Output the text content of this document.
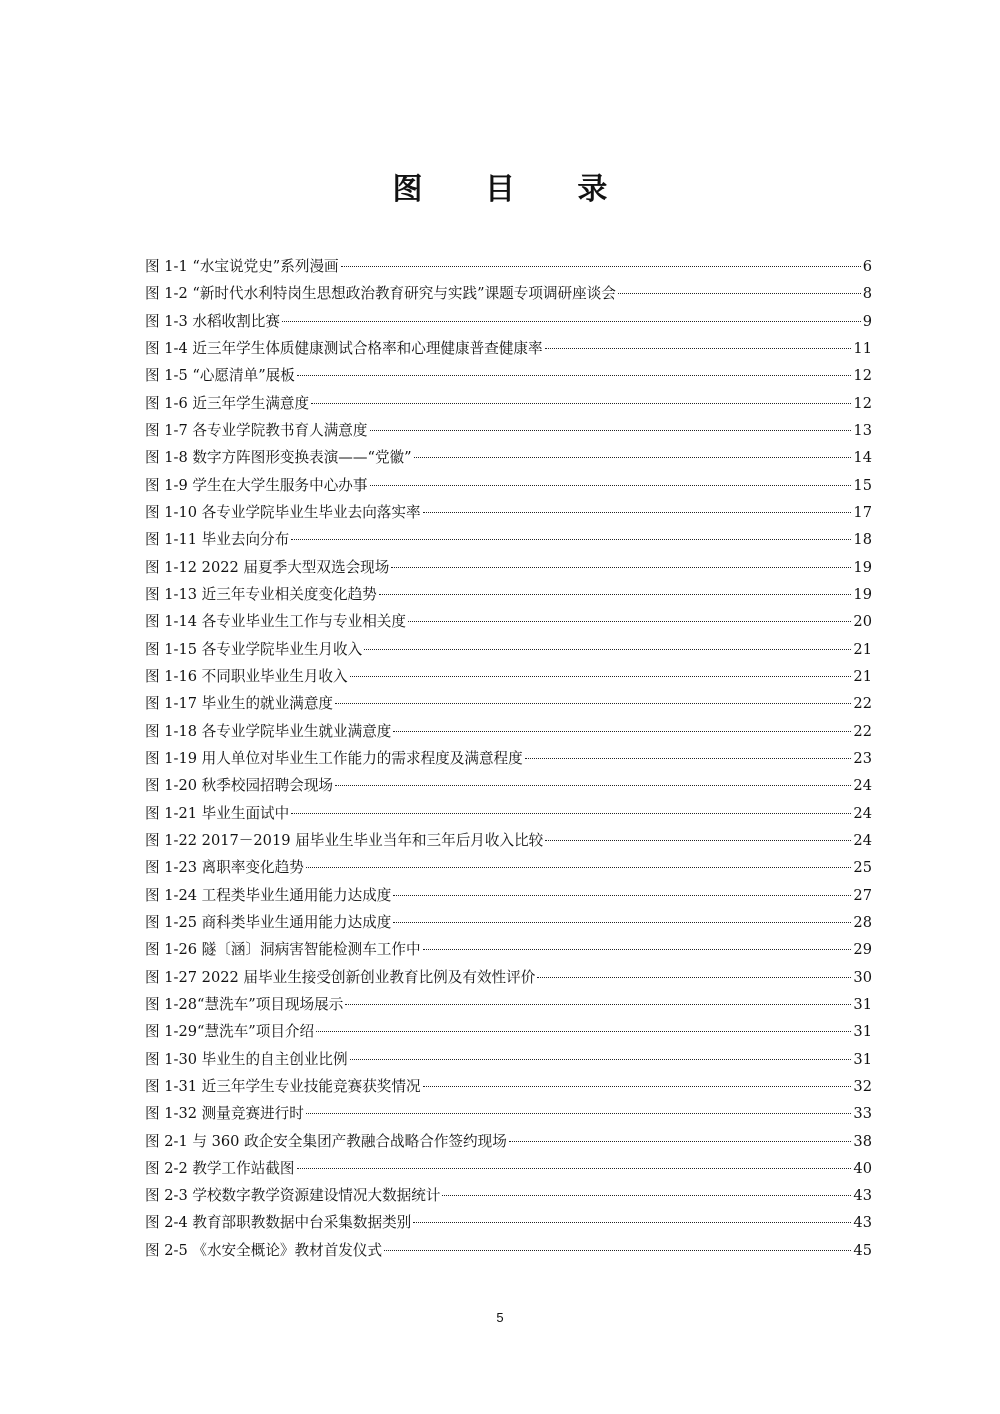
图 目 录
图 1-1 “水宝说党史”系列漫画	6
图 1-2 “新时代水利特岗生思想政治教育研究与实践”课题专项调研座谈会	8
图 1-3 水稻收割比赛	9
图 1-4 近三年学生体质健康测试合格率和心理健康普查健康率	11
图 1-5 “心愿清单”展板	12
图 1-6 近三年学生满意度	12
图 1-7 各专业学院教书育人满意度	13
图 1-8 数字方阵图形变换表演——“党徽”	14
图 1-9 学生在大学生服务中心办事	15
图 1-10 各专业学院毕业生毕业去向落实率	17
图 1-11 毕业去向分布	18
图 1-12 2022 届夏季大型双选会现场	19
图 1-13 近三年专业相关度变化趋势	19
图 1-14 各专业毕业生工作与专业相关度	20
图 1-15 各专业学院毕业生月收入	21
图 1-16 不同职业毕业生月收入	21
图 1-17 毕业生的就业满意度	22
图 1-18 各专业学院毕业生就业满意度	22
图 1-19 用人单位对毕业生工作能力的需求程度及满意程度	23
图 1-20 秋季校园招聘会现场	24
图 1-21 毕业生面试中	24
图 1-22 2017－2019 届毕业生毕业当年和三年后月收入比较	24
图 1-23 离职率变化趋势	25
图 1-24 工程类毕业生通用能力达成度	27
图 1-25 商科类毕业生通用能力达成度	28
图 1-26 隧〔涵〕洞病害智能检测车工作中	29
图 1-27 2022 届毕业生接受创新创业教育比例及有效性评价	30
图 1-28“慧洗车”项目现场展示	31
图 1-29“慧洗车”项目介绍	31
图 1-30 毕业生的自主创业比例	31
图 1-31 近三年学生专业技能竞赛获奖情况	32
图 1-32 测量竞赛进行时	33
图 2-1 与 360 政企安全集团产教融合战略合作签约现场	38
图 2-2 教学工作站截图	40
图 2-3 学校数字教学资源建设情况大数据统计	43
图 2-4 教育部职教数据中台采集数据类别	43
图 2-5 《水安全概论》教材首发仪式	45
5
